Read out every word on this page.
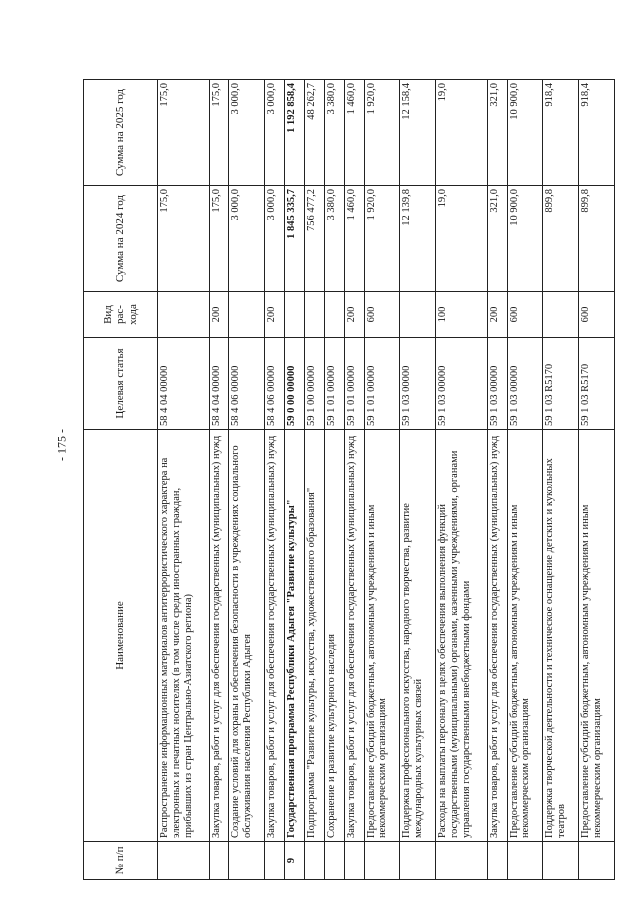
- 175 -
№ п/п	Наименование	Целевая статья	Вид рас-хода	Сумма на 2024 год	Сумма на 2025 год
	Распространение информационных материалов антитеррористического характера на электронных и печатных носителях (в том числе среди иностранных граждан, прибывших из стран Центрально-Азиатского региона)	58 4 04 00000		175,0	175,0
	Закупка товаров, работ и услуг для обеспечения государственных (муниципальных) нужд	58 4 04 00000	200	175,0	175,0
	Создание условий для охраны и обеспечения безопасности в учреждениях социального обслуживания населения Республики Адыгея	58 4 06 00000		3 000,0	3 000,0
	Закупка товаров, работ и услуг для обеспечения государственных (муниципальных) нужд	58 4 06 00000	200	3 000,0	3 000,0
9	Государственная программа Республики Адыгея "Развитие культуры"	59 0 00 00000		1 845 335,7	1 192 858,4
	Подпрограмма "Развитие культуры, искусства, художественного образования"	59 1 00 00000		756 477,2	48 262,7
	Сохранение и развитие культурного наследия	59 1 01 00000		3 380,0	3 380,0
	Закупка товаров, работ и услуг для обеспечения государственных (муниципальных) нужд	59 1 01 00000	200	1 460,0	1 460,0
	Предоставление субсидий бюджетным, автономным учреждениям и иным некоммерческим организациям	59 1 01 00000	600	1 920,0	1 920,0
	Поддержка профессионального искусства, народного творчества, развитие международных культурных связей	59 1 03 00000		12 139,8	12 158,4
	Расходы на выплаты персоналу в целях обеспечения выполнения функций государственными (муниципальными) органами, казенными учреждениями, органами управления государственными внебюджетными фондами	59 1 03 00000	100	19,0	19,0
	Закупка товаров, работ и услуг для обеспечения государственных (муниципальных) нужд	59 1 03 00000	200	321,0	321,0
	Предоставление субсидий бюджетным, автономным учреждениям и иным некоммерческим организациям	59 1 03 00000	600	10 900,0	10 900,0
	Поддержка творческой деятельности и техническое оснащение детских и кукольных театров	59 1 03 R5170		899,8	918,4
	Предоставление субсидий бюджетным, автономным учреждениям и иным некоммерческим организациям	59 1 03 R5170	600	899,8	918,4
